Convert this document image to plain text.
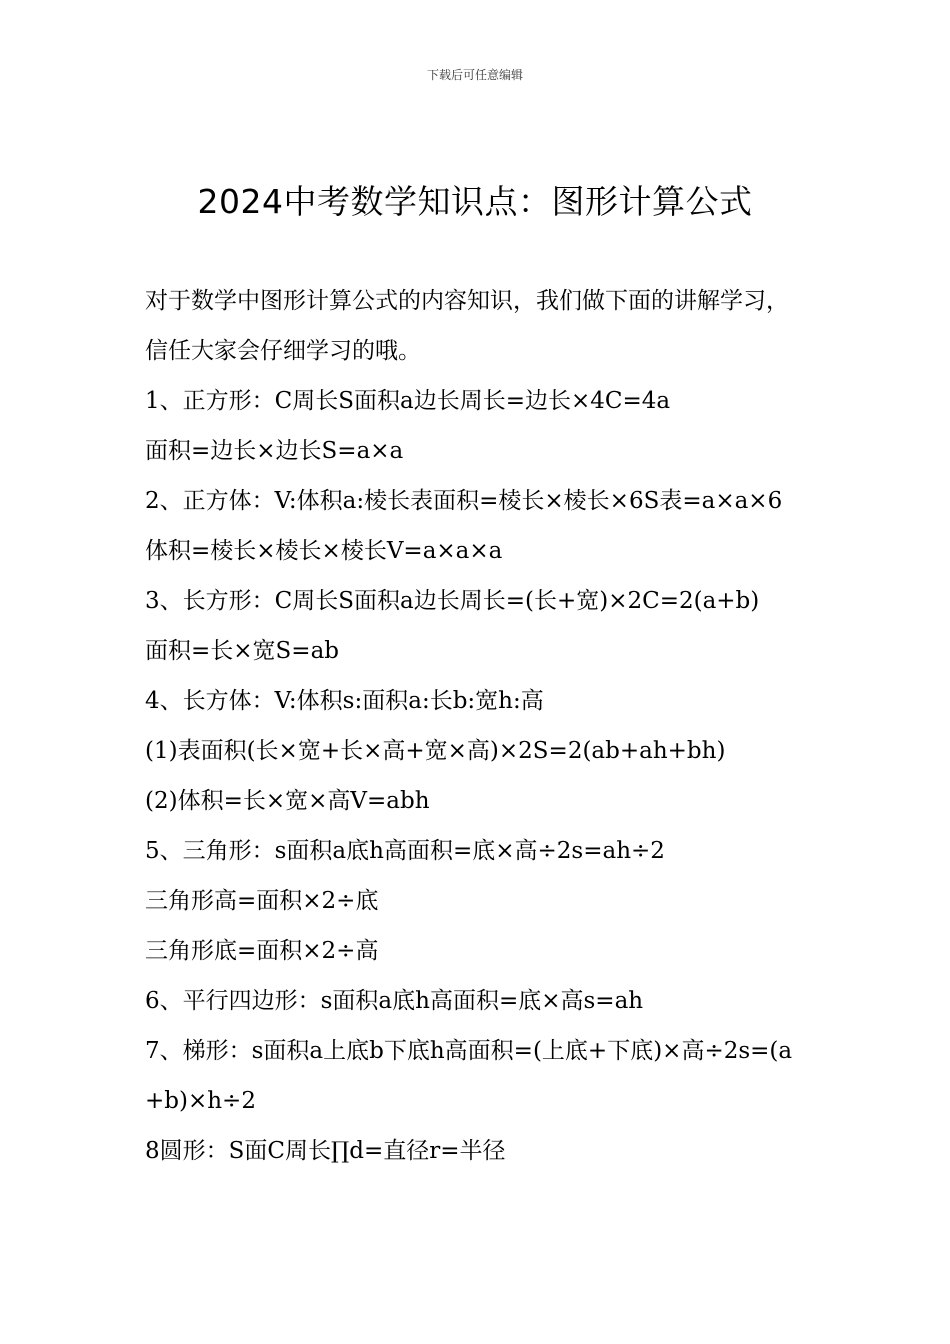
下载后可任意编辑
2024中考数学知识点：图形计算公式

对于数学中图形计算公式的内容知识，我们做下面的讲解学习，信任大家会仔细学习的哦。

1、正方形：C周长S面积a边长周长=边长×4C=4a

面积=边长×边长S=a×a

2、正方体：V:体积a:棱长表面积=棱长×棱长×6S表=a×a×6

体积=棱长×棱长×棱长V=a×a×a

3、长方形：C周长S面积a边长周长=(长+宽)×2C=2(a+b)

面积=长×宽S=ab

4、长方体：V:体积s:面积a:长b:宽h:高

(1)表面积(长×宽+长×高+宽×高)×2S=2(ab+ah+bh)

(2)体积=长×宽×高V=abh

5、三角形：s面积a底h高面积=底×高÷2s=ah÷2

三角形高=面积×2÷底

三角形底=面积×2÷高

6、平行四边形：s面积a底h高面积=底×高s=ah

7、梯形：s面积a上底b下底h高面积=(上底+下底)×高÷2s=(a+b)×h÷2

8圆形：S面C周长∏d=直径r=半径
